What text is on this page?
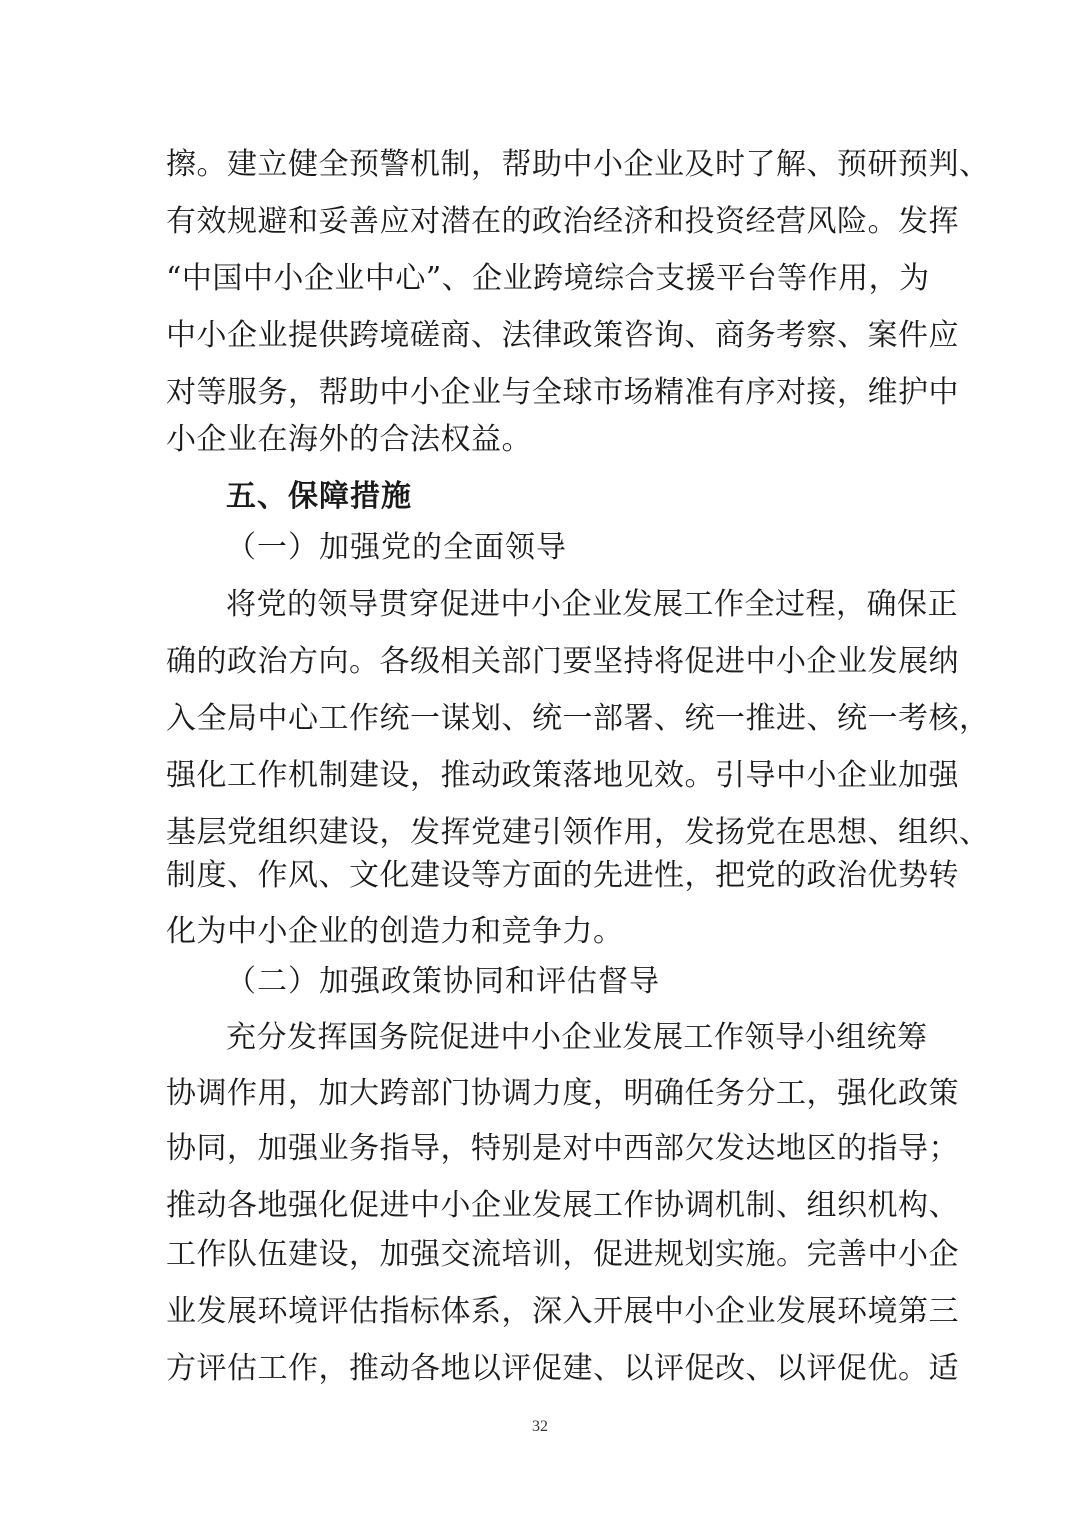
擦。建立健全预警机制，帮助中小企业及时了解、预研预判、
有效规避和妥善应对潜在的政治经济和投资经营风险。发挥
“中国中小企业中心”、企业跨境综合支援平台等作用，为
中小企业提供跨境磋商、法律政策咨询、商务考察、案件应
对等服务，帮助中小企业与全球市场精准有序对接，维护中
小企业在海外的合法权益。
五、保障措施
（一）加强党的全面领导
将党的领导贯穿促进中小企业发展工作全过程，确保正
确的政治方向。各级相关部门要坚持将促进中小企业发展纳
入全局中心工作统一谋划、统一部署、统一推进、统一考核，
强化工作机制建设，推动政策落地见效。引导中小企业加强
基层党组织建设，发挥党建引领作用，发扬党在思想、组织、
制度、作风、文化建设等方面的先进性，把党的政治优势转
化为中小企业的创造力和竞争力。
（二）加强政策协同和评估督导
充分发挥国务院促进中小企业发展工作领导小组统筹
协调作用，加大跨部门协调力度，明确任务分工，强化政策
协同，加强业务指导，特别是对中西部欠发达地区的指导；
推动各地强化促进中小企业发展工作协调机制、组织机构、
工作队伍建设，加强交流培训，促进规划实施。完善中小企
业发展环境评估指标体系，深入开展中小企业发展环境第三
方评估工作，推动各地以评促建、以评促改、以评促优。适
32
